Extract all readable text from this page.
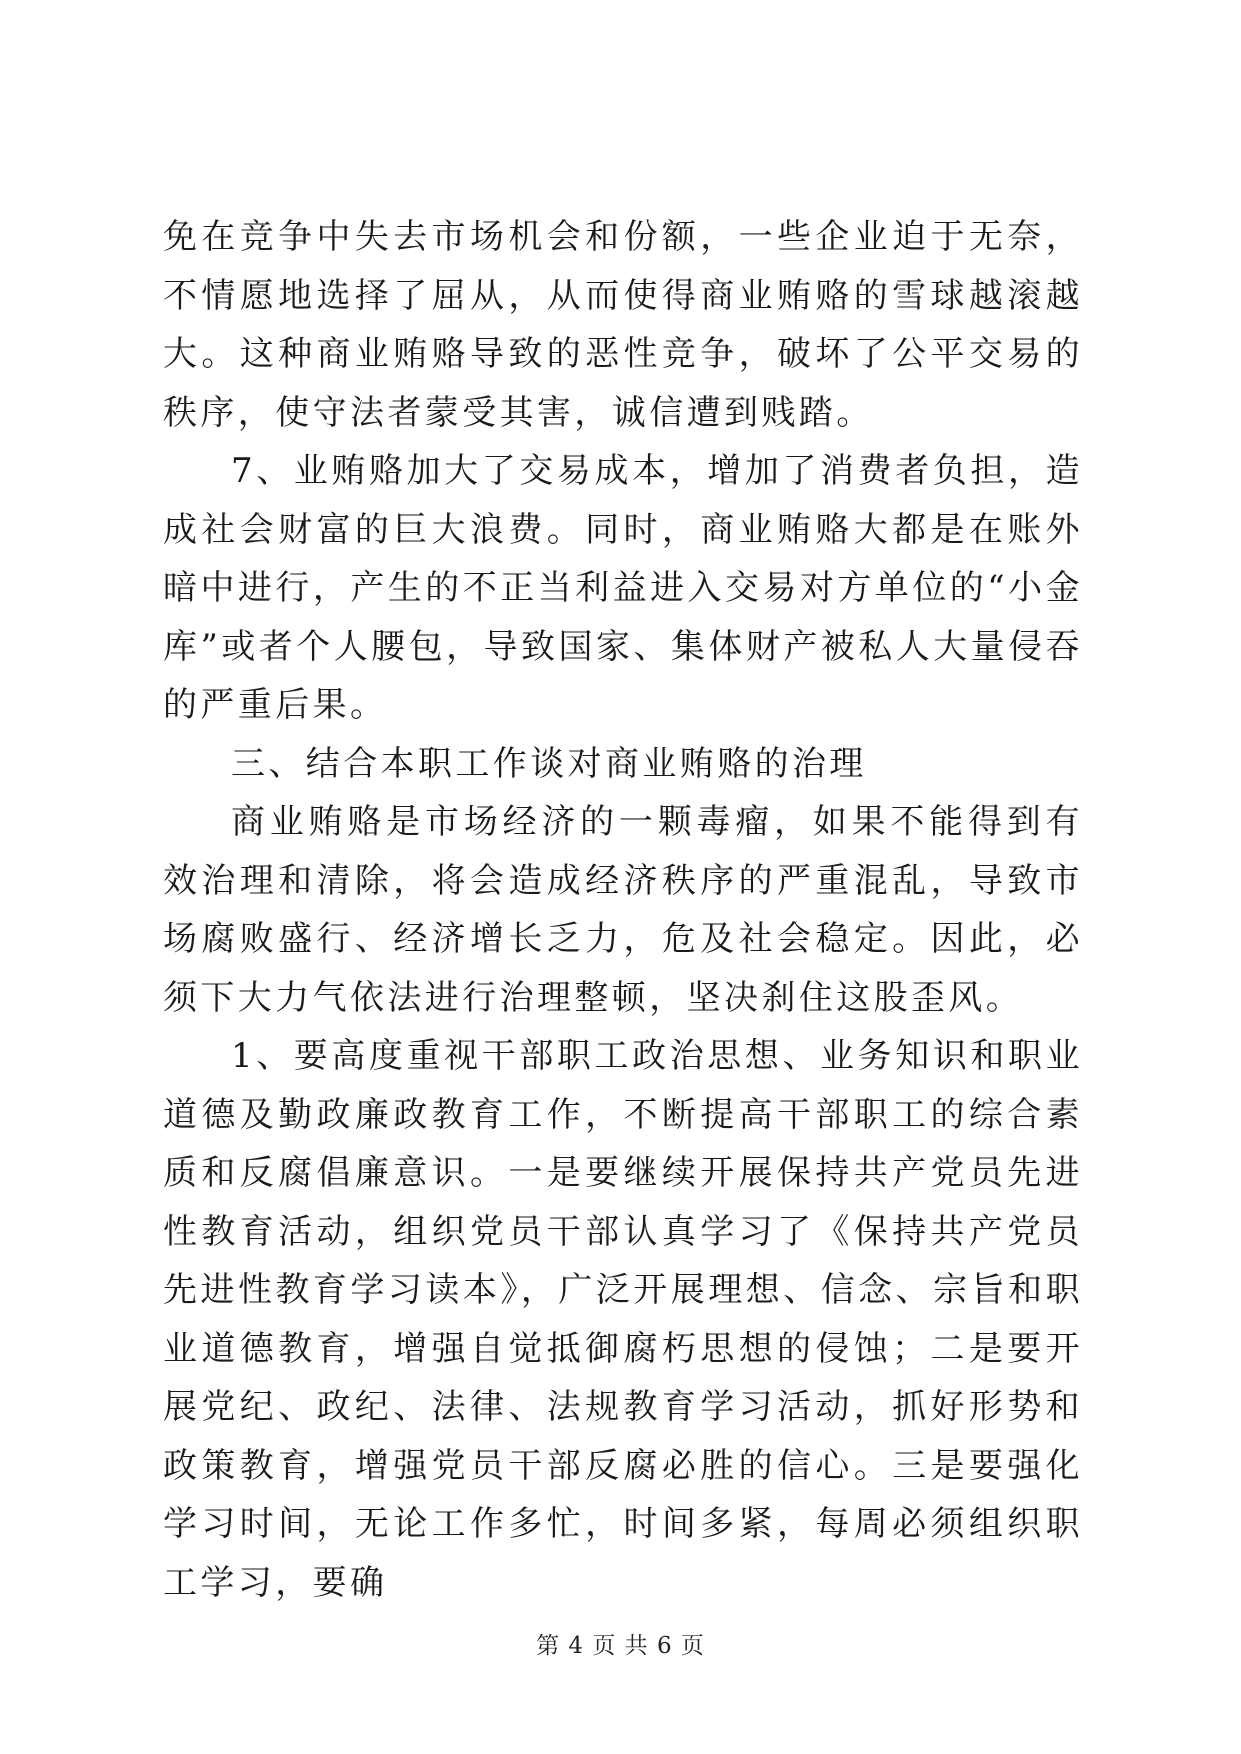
免在竞争中失去市场机会和份额，一些企业迫于无奈，不情愿地选择了屈从，从而使得商业贿赂的雪球越滚越大。这种商业贿赂导致的恶性竞争，破坏了公平交易的秩序，使守法者蒙受其害，诚信遭到贱踏。

7、业贿赂加大了交易成本，增加了消费者负担，造成社会财富的巨大浪费。同时，商业贿赂大都是在账外暗中进行，产生的不正当利益进入交易对方单位的“小金库”或者个人腰包，导致国家、集体财产被私人大量侵吞的严重后果。

三、结合本职工作谈对商业贿赂的治理

商业贿赂是市场经济的一颗毒瘤，如果不能得到有效治理和清除，将会造成经济秩序的严重混乱，导致市场腐败盛行、经济增长乏力，危及社会稳定。因此，必须下大力气依法进行治理整顿，坚决刹住这股歪风。

1、要高度重视干部职工政治思想、业务知识和职业道德及勤政廉政教育工作，不断提高干部职工的综合素质和反腐倡廉意识。一是要继续开展保持共产党员先进性教育活动，组织党员干部认真学习了《保持共产党员先进性教育学习读本》，广泛开展理想、信念、宗旨和职业道德教育，增强自觉抵御腐朽思想的侵蚀；二是要开展党纪、政纪、法律、法规教育学习活动，抓好形势和政策教育，增强党员干部反腐必胜的信心。三是要强化学习时间，无论工作多忙，时间多紧，每周必须组织职工学习，要确

第 4 页 共 6 页
